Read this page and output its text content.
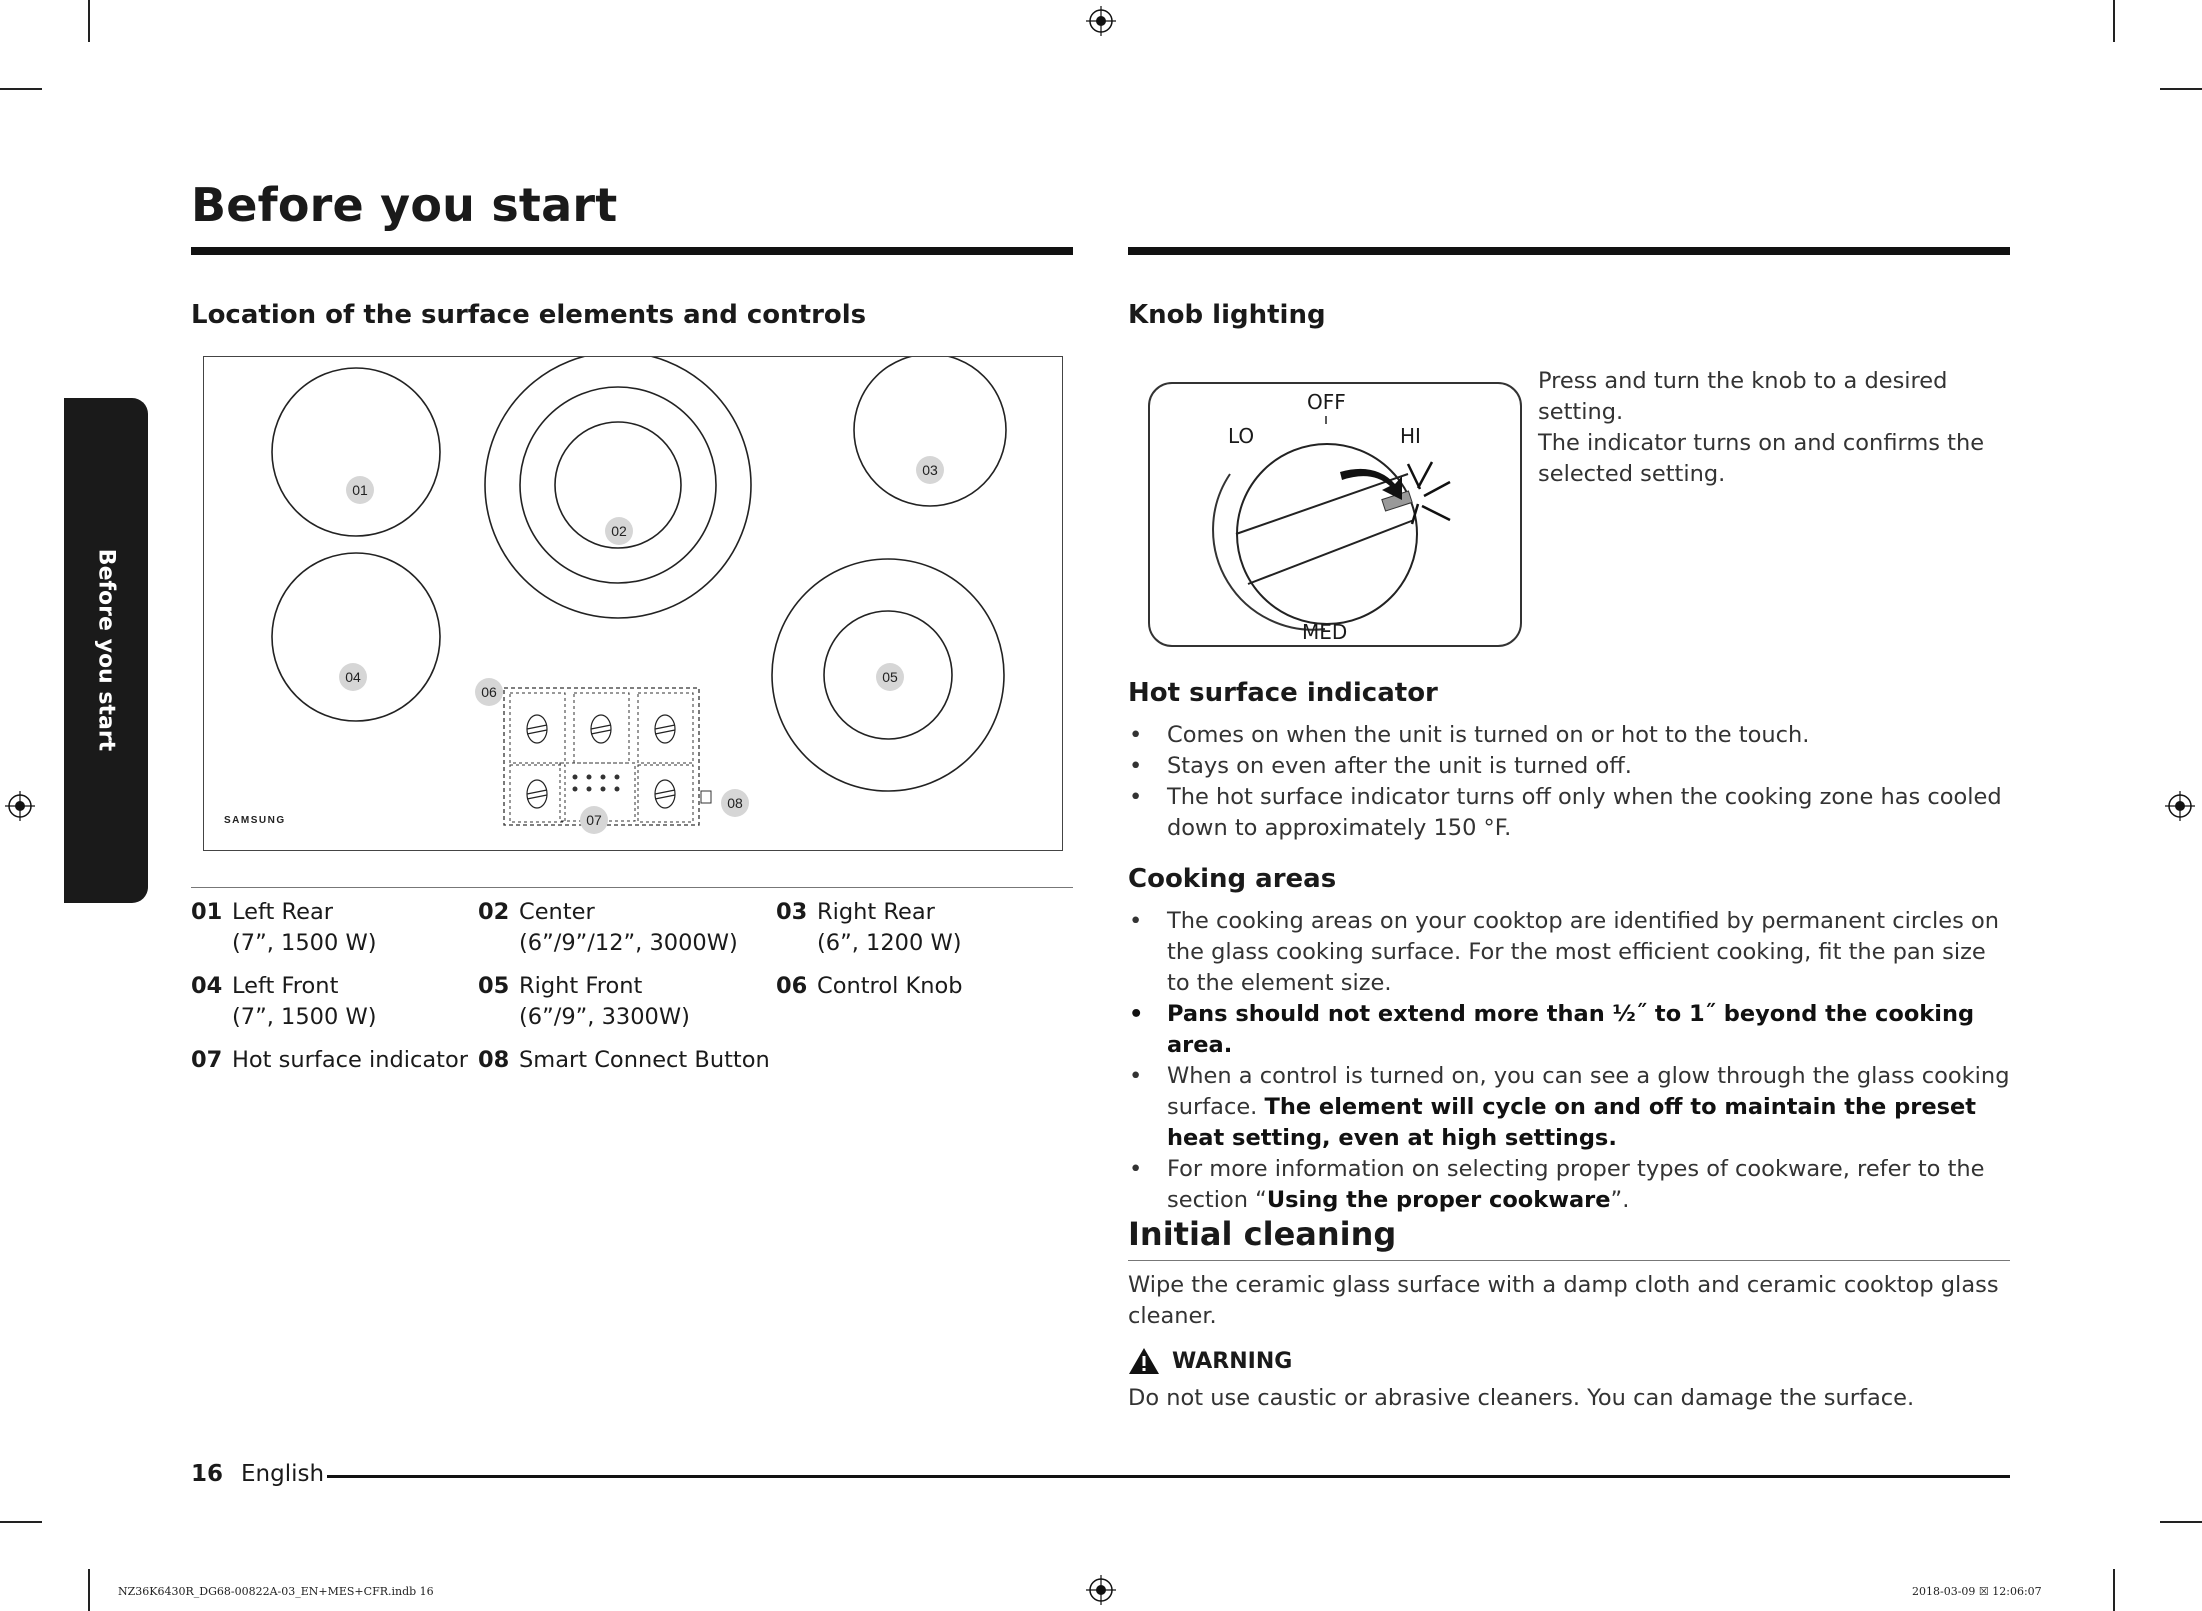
Before you start
Before you start
Location of the surface elements and controls
SAMSUNG
01
02
03
04	05
06
07
08
01 Left Rear
(7”, 1500 W)
02 Center
(6”/9”/12”, 3000W)
03 Right Rear
(6”, 1200 W)
04 Left Front
(7”, 1500 W)
05 Right Front
(6”/9”, 3300W)
06 Control Knob
07 Hot surface indicator 08 Smart Connect Button
Knob lighting
OFF
LO	HI
MED
Press and turn the knob to a desired setting.
The indicator turns on and confirms the
selected setting.
Hot surface indicator
• Comes on when the unit is turned on or hot to the touch.
• Stays on even after the unit is turned off.
• The hot surface indicator turns off only when the cooking zone has cooled down to approximately 150 °F.
Cooking areas
• The cooking areas on your cooktop are identified by permanent circles on the glass cooking surface. For the most efficient cooking, fit the pan size to the element size.
• Pans should not extend more than ½˝ to 1˝ beyond the cooking area.
• When a control is turned on, you can see a glow through the glass cooking surface. The element will cycle on and off to maintain the preset heat setting, even at high settings.
• For more information on selecting proper types of cookware, refer to the section “Using the proper cookware”.
Initial cleaning
Wipe the ceramic glass surface with a damp cloth and ceramic cooktop glass cleaner.
WARNING
Do not use caustic or abrasive cleaners. You can damage the surface.
16 English
NZ36K6430R_DG68-00822A-03_EN+MES+CFR.indb 16	2018-03-09 ☒ 12:06:07
